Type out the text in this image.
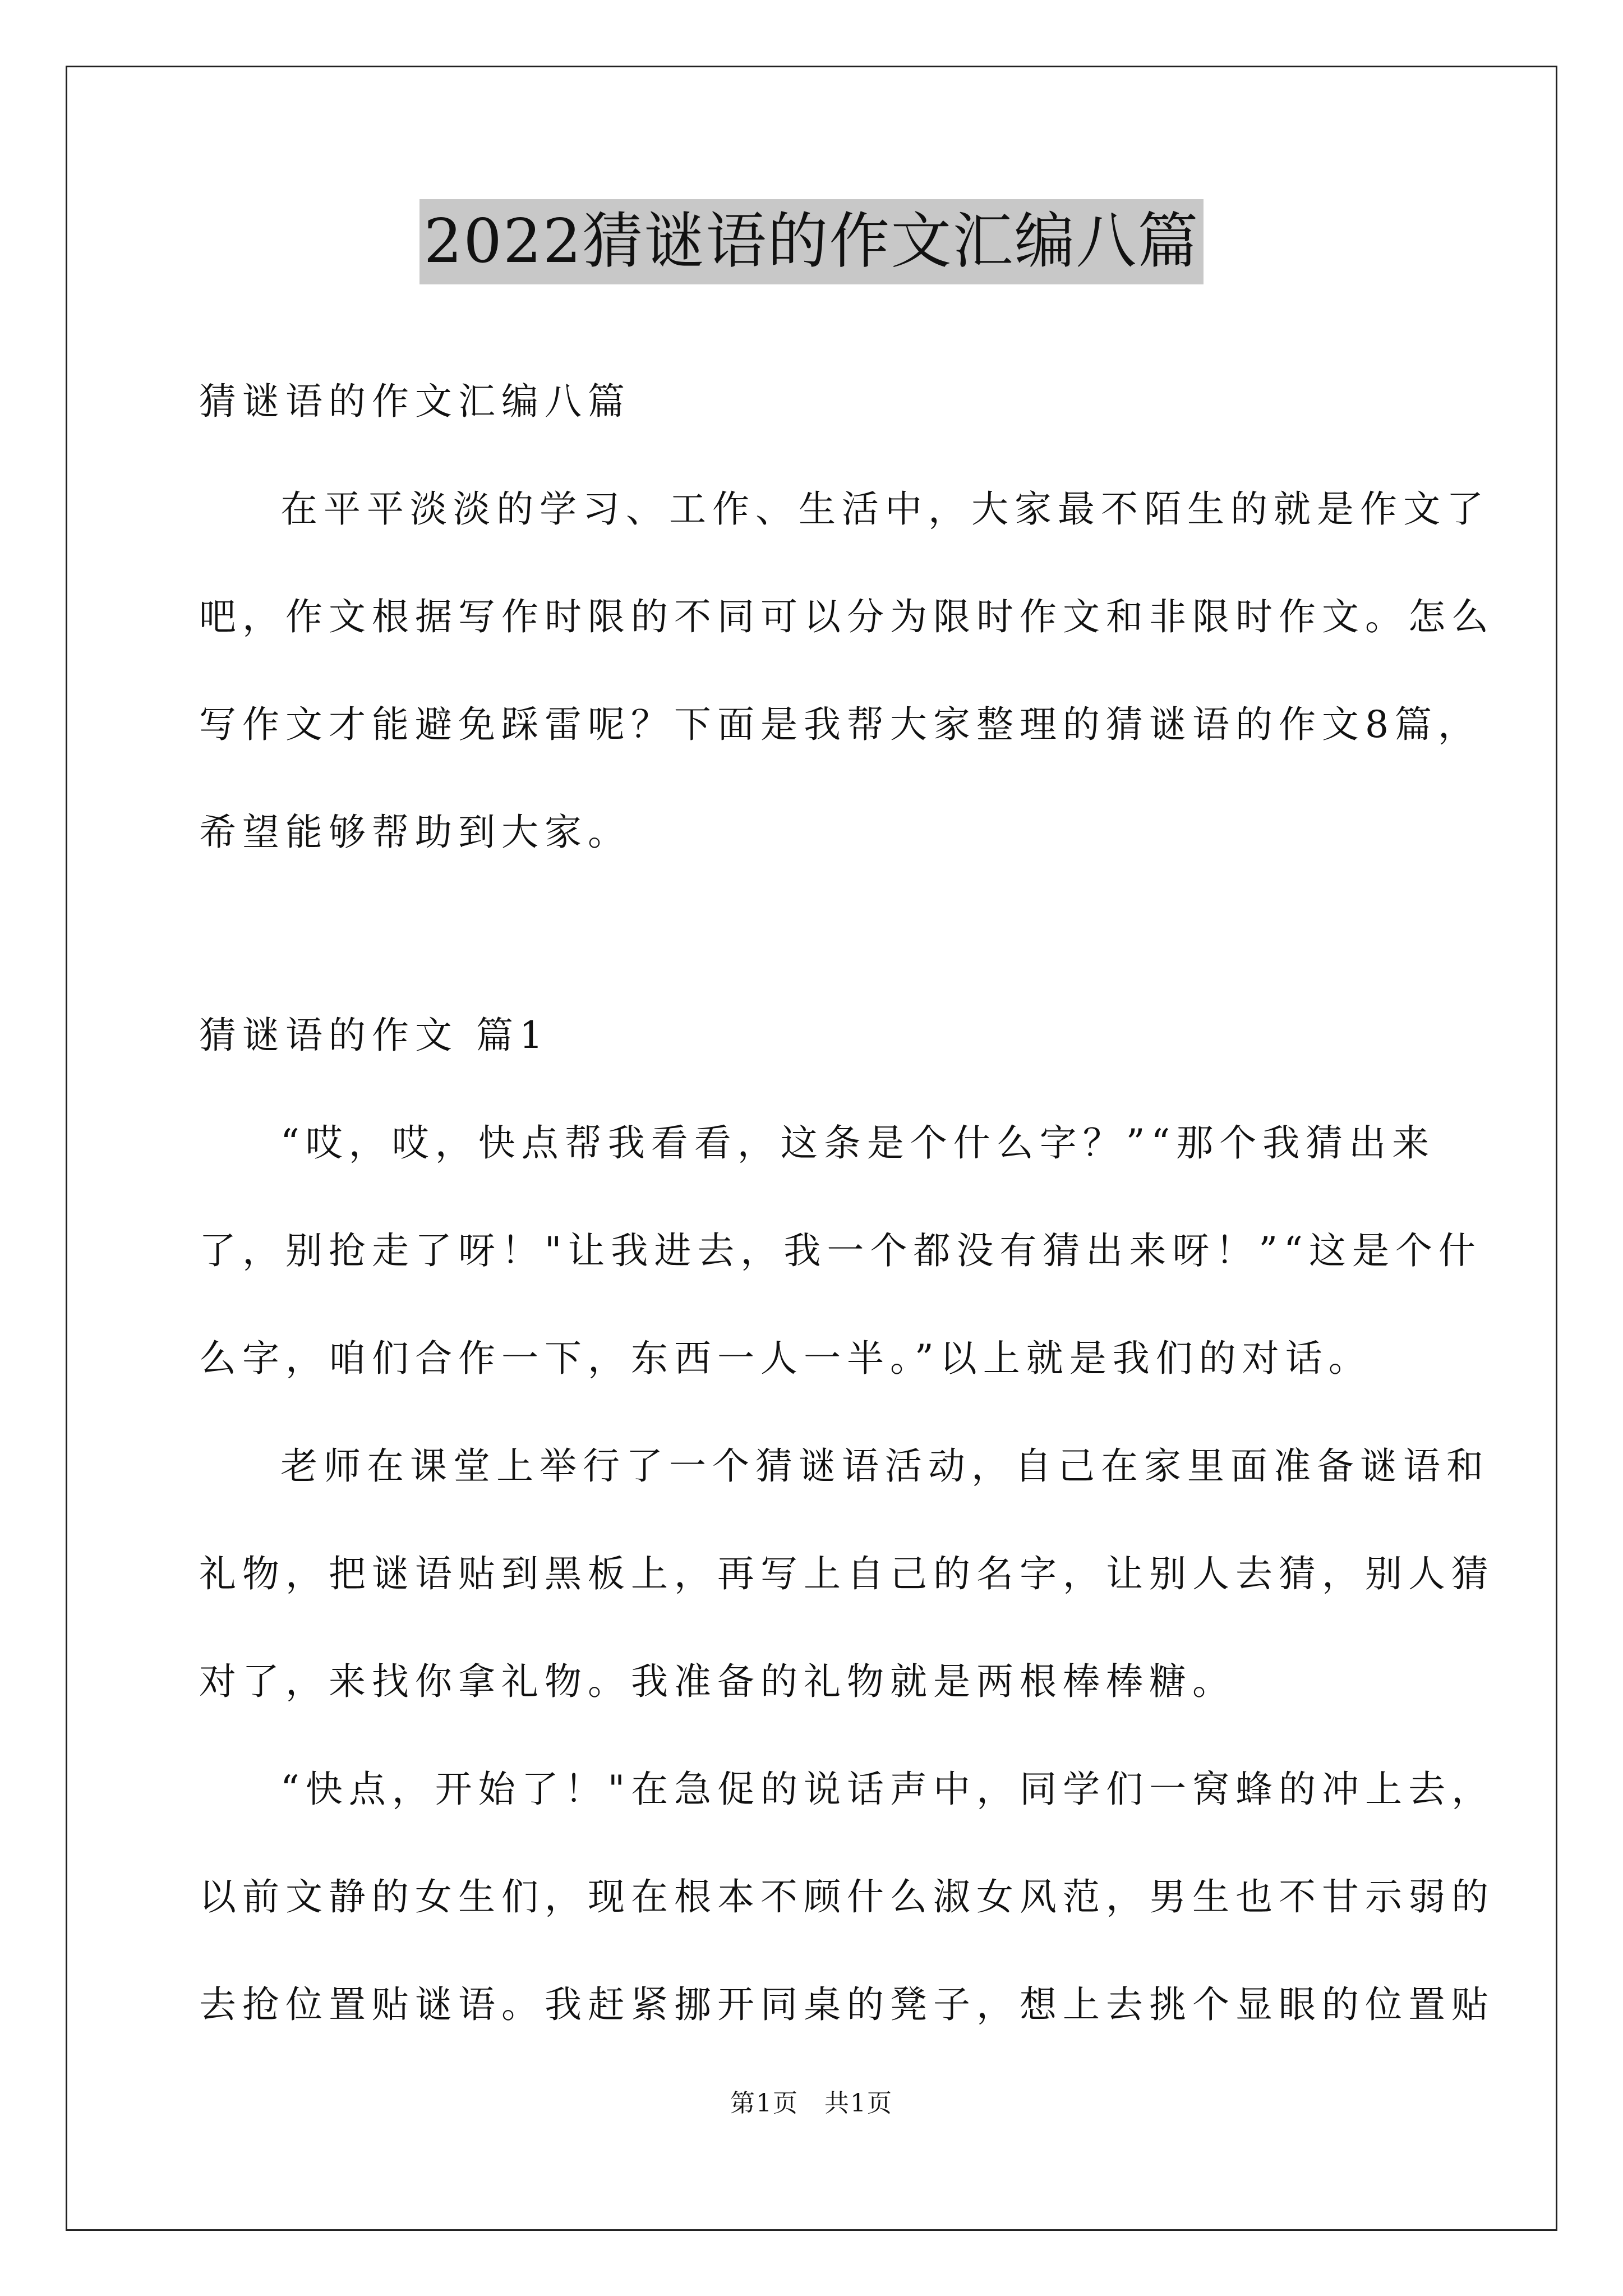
2022猜谜语的作文汇编八篇
猜谜语的作文汇编八篇
在平平淡淡的学习、工作、生活中，大家最不陌生的就是作文了
吧，作文根据写作时限的不同可以分为限时作文和非限时作文。怎么
写作文才能避免踩雷呢？下面是我帮大家整理的猜谜语的作文8篇，
希望能够帮助到大家。
猜谜语的作文 篇1
“哎，哎，快点帮我看看，这条是个什么字？”“那个我猜出来
了，别抢走了呀！"让我进去，我一个都没有猜出来呀！”“这是个什
么字，咱们合作一下，东西一人一半。”以上就是我们的对话。
老师在课堂上举行了一个猜谜语活动，自己在家里面准备谜语和
礼物，把谜语贴到黑板上，再写上自己的名字，让别人去猜，别人猜
对了，来找你拿礼物。我准备的礼物就是两根棒棒糖。
“快点，开始了！"在急促的说话声中，同学们一窝蜂的冲上去，
以前文静的女生们，现在根本不顾什么淑女风范，男生也不甘示弱的
去抢位置贴谜语。我赶紧挪开同桌的凳子，想上去挑个显眼的位置贴
第1页　共1页
